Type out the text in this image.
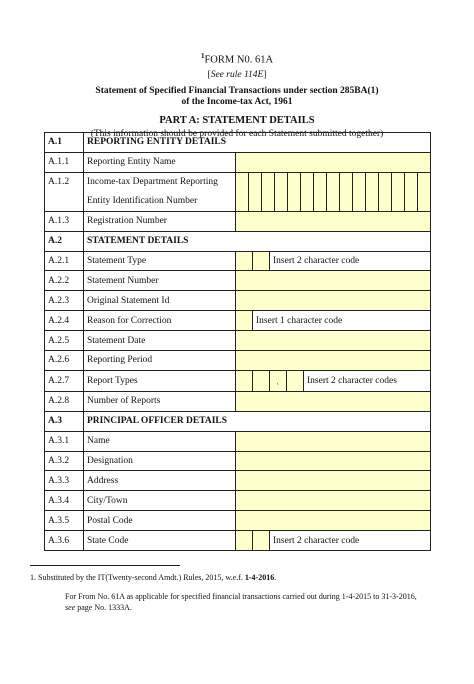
$^1$FORM N0. 61A
[See rule 114E]
Statement of Specified Financial Transactions under section 285BA(1)
of the Income-tax Act, 1961
PART A: STATEMENT DETAILS
(This information should be provided for each Statement submitted together)
A.1	REPORTING ENTITY DETAILS	
A.1.1	Reporting Entity Name	
A.1.2	Income-tax Department Reporting
Entity Identification Number	

A.1.3	Registration Number	
A.2	STATEMENT DETAILS	
A.2.1	Statement Type	Insert 2 character code

A.2.2	Statement Number	
A.2.3	Original Statement Id	
A.2.4	Reason for Correction	Insert 1 character code

A.2.5	Statement Date	
A.2.6	Reporting Period	
A.2.7	Report Types	˛ Insert 2 character codes

A.2.8	Number of Reports	
A.3	PRINCIPAL OFFICER DETAILS	
A.3.1	Name	
A.3.2	Designation	
A.3.3	Address	
A.3.4	City/Town	
A.3.5	Postal Code	
A.3.6	State Code	Insert 2 character code
1. Substituted by the IT(Twenty-second Amdt.) Rules, 2015, w.e.f. 1-4-2016.
For From No. 61A as applicable for specified financial transactions carried out during 1-4-2015 to 31-3-2016,
see page No. 1333A.
